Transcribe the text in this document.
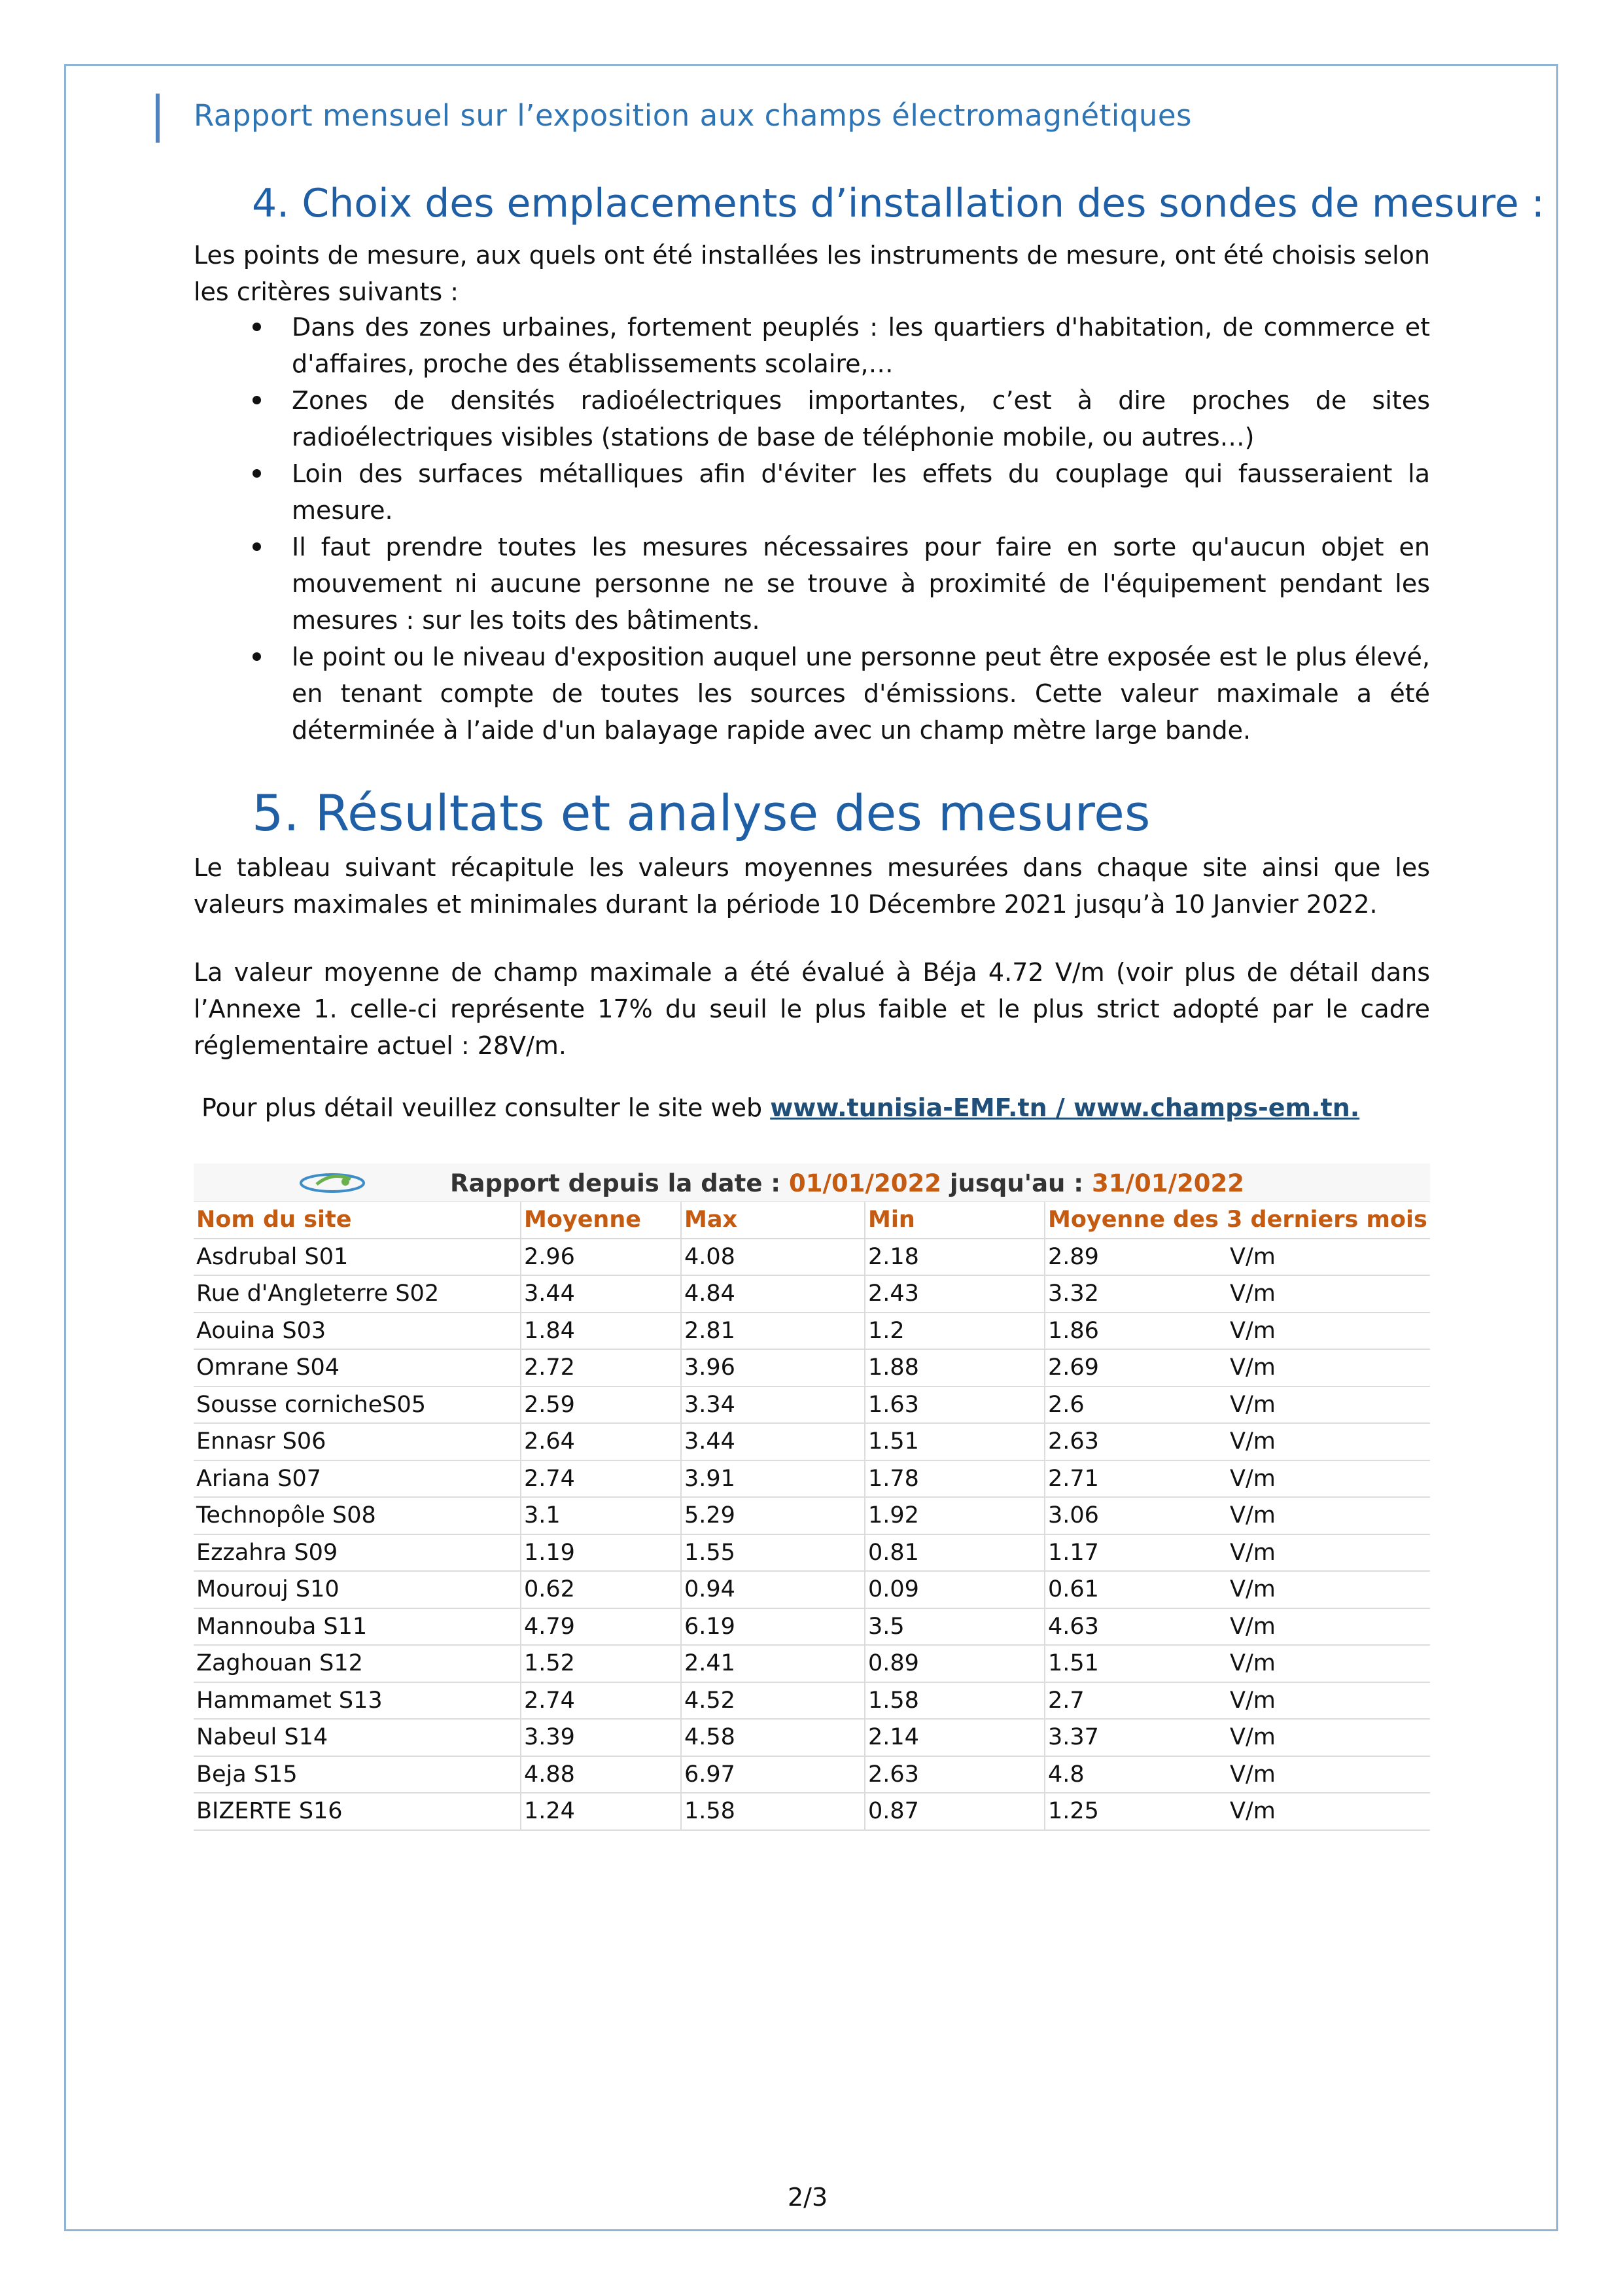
Rapport mensuel sur l’exposition aux champs électromagnétiques
4. Choix des emplacements d’installation des sondes de mesure :
Les points de mesure, aux quels ont été installées les instruments de mesure, ont été choisis selon les critères suivants :
Dans des zones urbaines, fortement peuplés : les quartiers d'habitation, de commerce et d'affaires, proche des établissements scolaire,…
Zones de densités radioélectriques importantes, c’est à dire proches de sites radioélectriques visibles (stations de base de téléphonie mobile, ou autres…)
Loin des surfaces métalliques afin d'éviter les effets du couplage qui fausseraient la mesure.
Il faut prendre toutes les mesures nécessaires pour faire en sorte qu'aucun objet en mouvement ni aucune personne ne se trouve à proximité de l'équipement pendant les mesures : sur les toits des bâtiments.
le point ou le niveau d'exposition auquel une personne peut être exposée est le plus élevé, en tenant compte de toutes les sources d'émissions. Cette valeur maximale a été déterminée à l’aide d'un balayage rapide avec un champ mètre large bande.
5. Résultats et analyse des mesures
Le tableau suivant récapitule les valeurs moyennes mesurées dans chaque site ainsi que les valeurs maximales et minimales durant la période 10 Décembre 2021 jusqu’à 10 Janvier 2022.
La valeur moyenne de champ maximale a été évalué à Béja 4.72 V/m (voir plus de détail dans l’Annexe 1. celle-ci représente 17% du seuil le plus faible et le plus strict adopté par le cadre réglementaire actuel : 28V/m.
Pour plus détail veuillez consulter le site web www.tunisia-EMF.tn / www.champs-em.tn.
Rapport depuis la date : 01/01/2022 jusqu'au : 31/01/2022
Nom du site	Moyenne	Max	Min	Moyenne des 3 derniers mois	
Asdrubal S01	2.96	4.08	2.18	2.89	V/m
Rue d'Angleterre S02	3.44	4.84	2.43	3.32	V/m
Aouina S03	1.84	2.81	1.2	1.86	V/m
Omrane S04	2.72	3.96	1.88	2.69	V/m
Sousse cornicheS05	2.59	3.34	1.63	2.6	V/m
Ennasr S06	2.64	3.44	1.51	2.63	V/m
Ariana S07	2.74	3.91	1.78	2.71	V/m
Technopôle S08	3.1	5.29	1.92	3.06	V/m
Ezzahra S09	1.19	1.55	0.81	1.17	V/m
Mourouj S10	0.62	0.94	0.09	0.61	V/m
Mannouba S11	4.79	6.19	3.5	4.63	V/m
Zaghouan S12	1.52	2.41	0.89	1.51	V/m
Hammamet S13	2.74	4.52	1.58	2.7	V/m
Nabeul S14	3.39	4.58	2.14	3.37	V/m
Beja S15	4.88	6.97	2.63	4.8	V/m
BIZERTE S16	1.24	1.58	0.87	1.25	V/m
2/3
